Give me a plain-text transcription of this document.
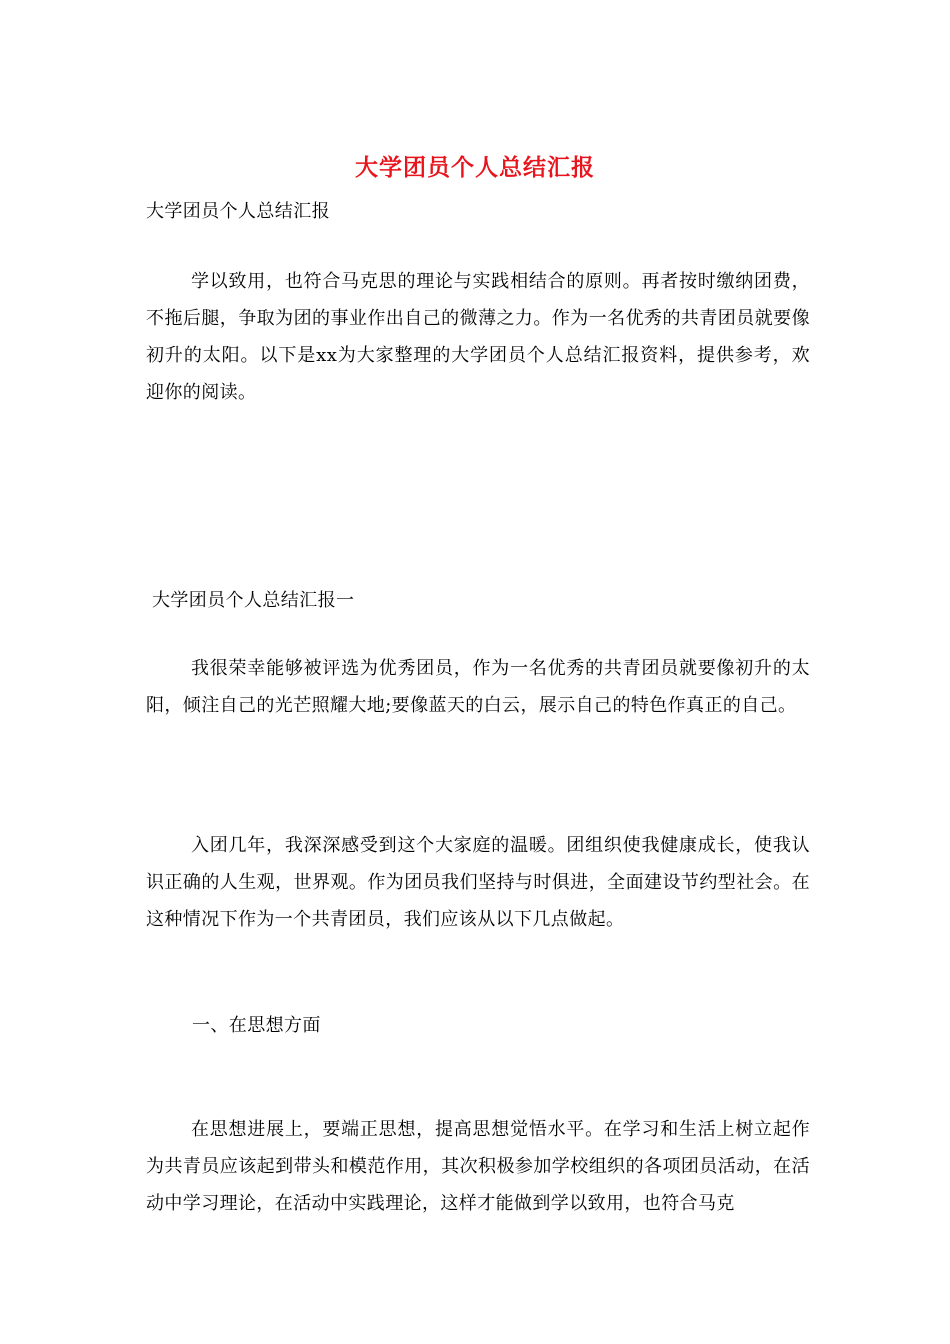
大学团员个人总结汇报
大学团员个人总结汇报
学以致用，也符合马克思的理论与实践相结合的原则。再者按时缴纳团费，不拖后腿，争取为团的事业作出自己的微薄之力。作为一名优秀的共青团员就要像初升的太阳。以下是xx为大家整理的大学团员个人总结汇报资料，提供参考，欢迎你的阅读。
大学团员个人总结汇报一
我很荣幸能够被评选为优秀团员，作为一名优秀的共青团员就要像初升的太阳，倾注自己的光芒照耀大地;要像蓝天的白云，展示自己的特色作真正的自己。
入团几年，我深深感受到这个大家庭的温暖。团组织使我健康成长，使我认识正确的人生观，世界观。作为团员我们坚持与时俱进，全面建设节约型社会。在这种情况下作为一个共青团员，我们应该从以下几点做起。
一、在思想方面
在思想进展上，要端正思想，提高思想觉悟水平。在学习和生活上树立起作为共青员应该起到带头和模范作用，其次积极参加学校组织的各项团员活动，在活动中学习理论，在活动中实践理论，这样才能做到学以致用，也符合马克
